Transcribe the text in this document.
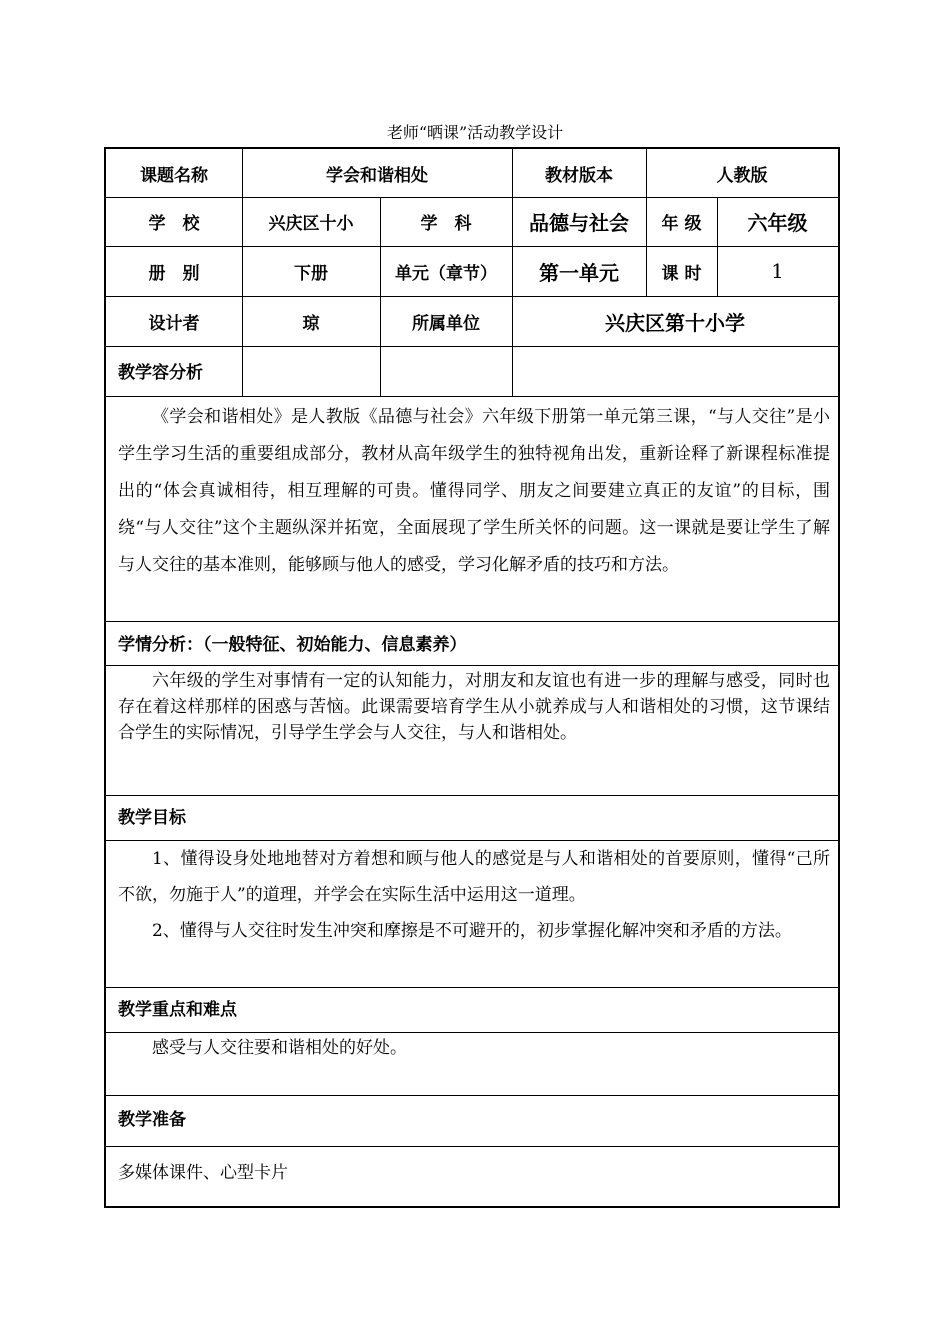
老师“晒课”活动教学设计
课题名称	学会和谐相处	教材版本	人教版
学　校	兴庆区十小	学　科	品德与社会	年 级	六年级
册　别	下册	单元（章节）	第一单元	课 时	1
设计者	琼	所属单位	兴庆区第十小学
教学容分析

《学会和谐相处》是人教版《品德与社会》六年级下册第一单元第三课，“与人交往”是小学生学习生活的重要组成部分，教材从高年级学生的独特视角出发，重新诠释了新课程标准提出的“体会真诚相待，相互理解的可贵。懂得同学、朋友之间要建立真正的友谊”的目标，围绕“与人交往”这个主题纵深并拓宽，全面展现了学生所关怀的问题。这一课就是要让学生了解与人交往的基本准则，能够顾与他人的感受，学习化解矛盾的技巧和方法。

学情分析：（一般特征、初始能力、信息素养）

六年级的学生对事情有一定的认知能力，对朋友和友谊也有进一步的理解与感受，同时也存在着这样那样的困惑与苦恼。此课需要培育学生从小就养成与人和谐相处的习惯，这节课结合学生的实际情况，引导学生学会与人交往，与人和谐相处。

教学目标

1、懂得设身处地地替对方着想和顾与他人的感觉是与人和谐相处的首要原则，懂得“己所不欲，勿施于人”的道理，并学会在实际生活中运用这一道理。

2、懂得与人交往时发生冲突和摩擦是不可避开的，初步掌握化解冲突和矛盾的方法。

教学重点和难点

感受与人交往要和谐相处的好处。

教学准备

多媒体课件、心型卡片
